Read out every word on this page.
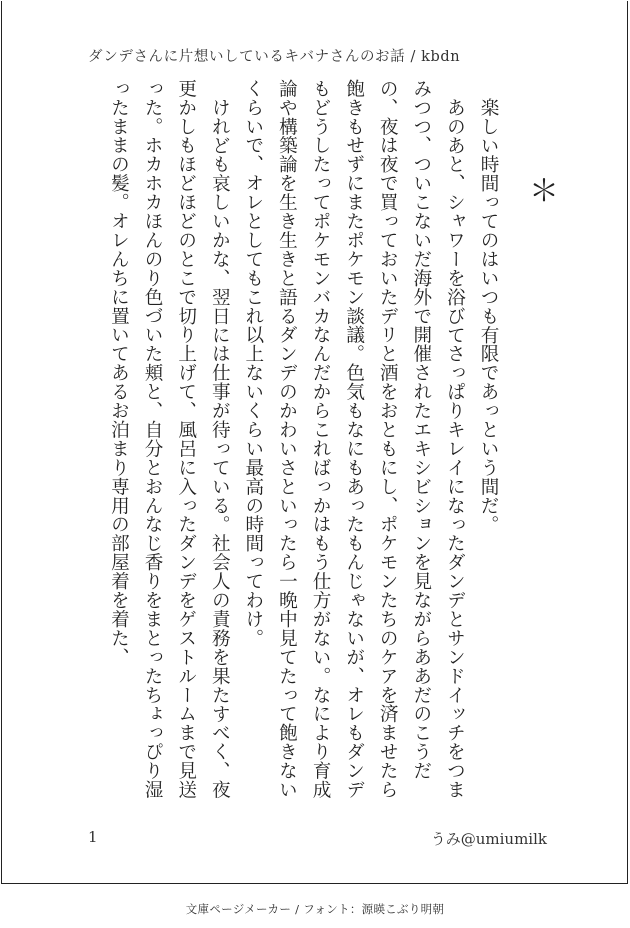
ダンデさんに片想いしているキバナさんのお話 / kbdn
＊

楽しい時間ってのはいつも有限であっという間だ。

あのあと、シャワーを浴びてさっぱりキレイになったダンデとサンドイッチをつまみつつ、ついこないだ海外で開催されたエキシビションを見ながらああだのこうだの、夜は夜で買っておいたデリと酒をおともにし、ポケモンたちのケアを済ませたら飽きもせずにまたポケモン談議。色気もなにもあったもんじゃないが、オレもダンデもどうしたってポケモンバカなんだからこればっかはもう仕方がない。なにより育成論や構築論を生き生きと語るダンデのかわいさといったら一晩中見てたって飽きないくらいで、オレとしてもこれ以上ないくらい最高の時間ってわけ。

けれども哀しいかな、翌日には仕事が待っている。社会人の責務を果たすべく、夜更かしもほどほどのとこで切り上げて、風呂に入ったダンデをゲストルームまで見送った。ホカホカほんのり色づいた頬と、自分とおんなじ香りをまとったちょっぴり湿ったままの髪。オレんちに置いてあるお泊まり専用の部屋着を着た、

1	うみ@umiumilk
文庫ページメーカー / フォント：源暎こぶり明朝
